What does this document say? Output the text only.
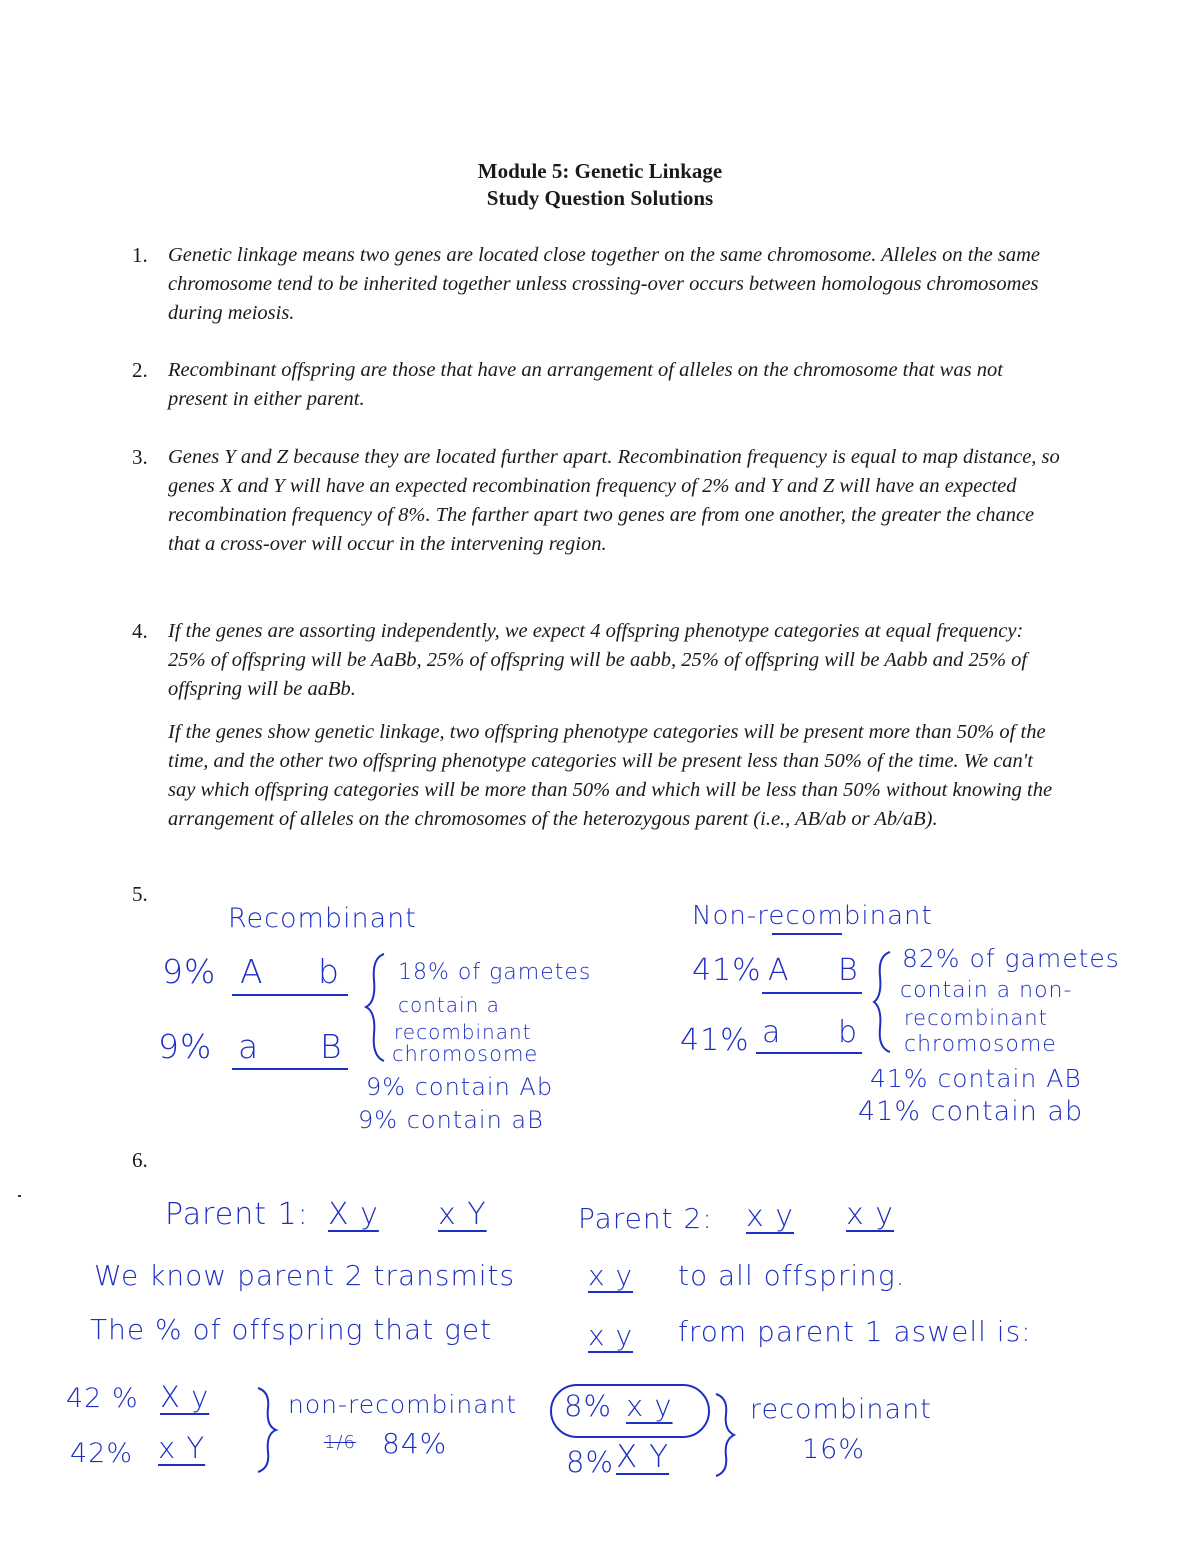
Module 5: Genetic Linkage
Study Question Solutions
1. Genetic linkage means two genes are located close together on the same chromosome. Alleles on the same chromosome tend to be inherited together unless crossing-over occurs between homologous chromosomes during meiosis.

2. Recombinant offspring are those that have an arrangement of alleles on the chromosome that was not present in either parent.

3. Genes Y and Z because they are located further apart. Recombination frequency is equal to map distance, so genes X and Y will have an expected recombination frequency of 2% and Y and Z will have an expected recombination frequency of 8%. The farther apart two genes are from one another, the greater the chance that a cross-over will occur in the intervening region.

4. If the genes are assorting independently, we expect 4 offspring phenotype categories at equal frequency: 25% of offspring will be AaBb, 25% of offspring will be aabb, 25% of offspring will be Aabb and 25% of offspring will be aaBb.

If the genes show genetic linkage, two offspring phenotype categories will be present more than 50% of the time, and the other two offspring phenotype categories will be present less than 50% of the time. We can't say which offspring categories will be more than 50% and which will be less than 50% without knowing the arrangement of alleles on the chromosomes of the heterozygous parent (i.e., AB/ab or Ab/aB).

5.
Recombinant
9% A b
9% a B
18% of gametes
contain a
recombinant
chromosome
9% contain Ab
9% contain aB
Non-recombinant
41% A B
41% a b
82% of gametes
contain a non-
recombinant
chromosome
41% contain AB
41% contain ab
6.
Parent 1: X y x Y	Parent 2: x y x y
We know parent 2 transmits	x y to all offspring.
The % of offspring that get	x y from parent 1 aswell is:
42 % X y
42% x Y
non-recombinant
1/6 84%
8% x y
8% X Y
recombinant
16%
